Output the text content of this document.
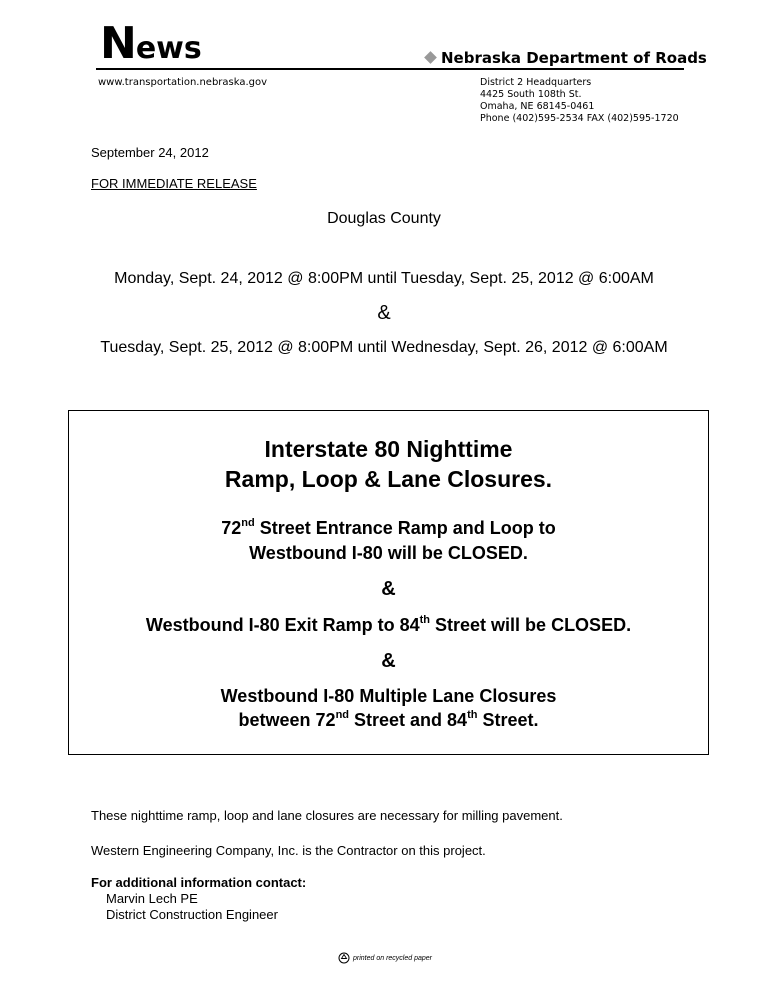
News
www.transportation.nebraska.gov
Nebraska Department of Roads
District 2 Headquarters
4425 South 108th St.
Omaha, NE 68145-0461
Phone (402)595-2534 FAX (402)595-1720
September 24, 2012
FOR IMMEDIATE RELEASE
Douglas County
Monday, Sept. 24, 2012 @ 8:00PM until Tuesday, Sept. 25, 2012 @ 6:00AM
&
Tuesday, Sept. 25, 2012 @ 8:00PM until Wednesday, Sept. 26, 2012 @ 6:00AM
Interstate 80 Nighttime
Ramp, Loop & Lane Closures.
72nd Street Entrance Ramp and Loop to
Westbound I-80 will be CLOSED.
&
Westbound I-80 Exit Ramp to 84th Street will be CLOSED.
&
Westbound I-80 Multiple Lane Closures
between 72nd Street and 84th Street.
These nighttime ramp, loop and lane closures are necessary for milling pavement.
Western Engineering Company, Inc. is the Contractor on this project.
For additional information contact:
Marvin Lech PE
District Construction Engineer
printed on recycled paper
